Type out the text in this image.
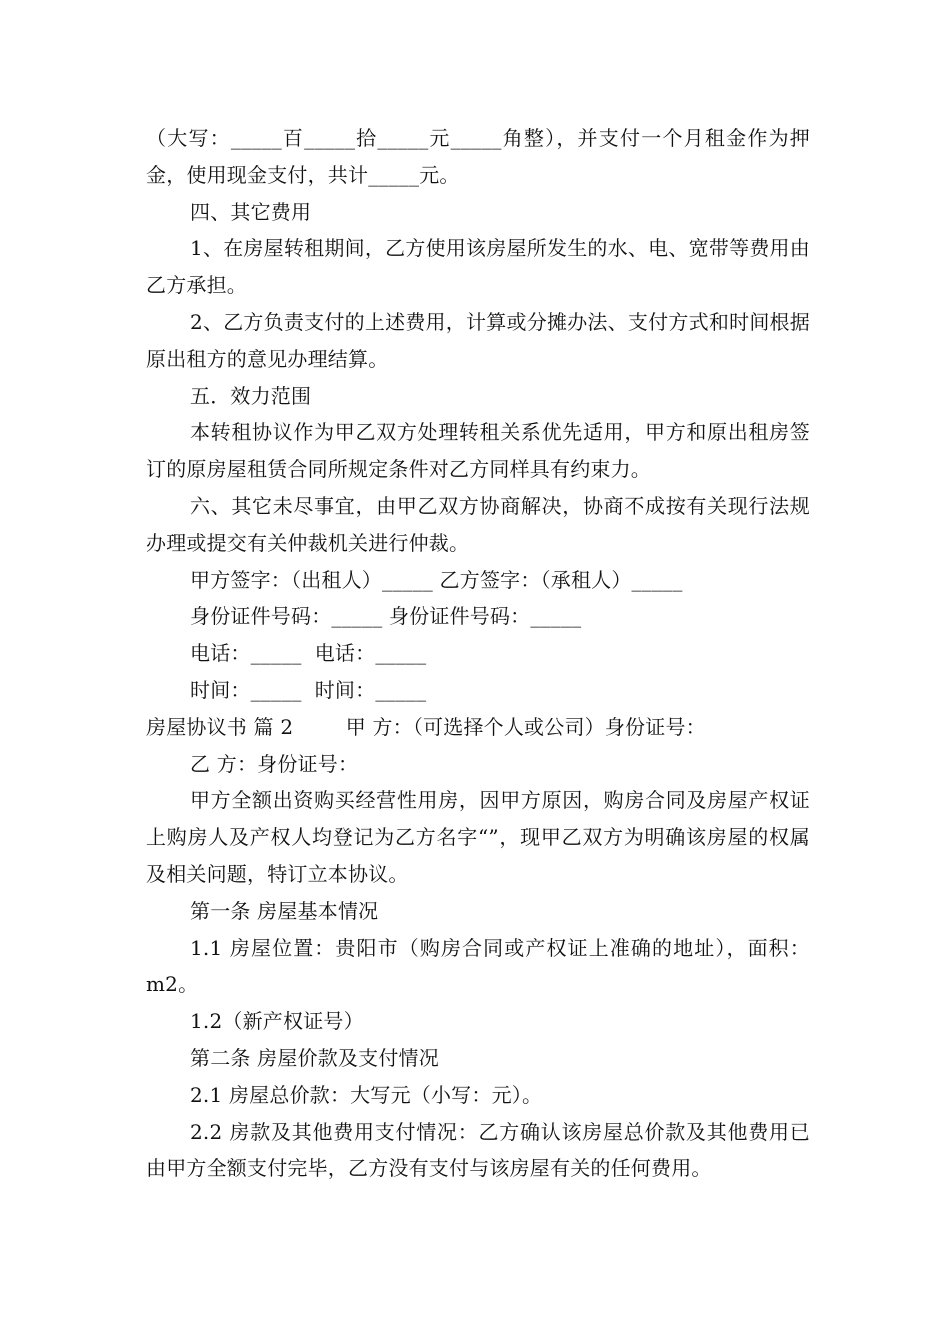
（大写：_____百_____拾_____元_____角整），并支付一个月租金作为押金，使用现金支付，共计_____元。

四、其它费用

1、在房屋转租期间，乙方使用该房屋所发生的水、电、宽带等费用由乙方承担。

2、乙方负责支付的上述费用，计算或分摊办法、支付方式和时间根据原出租方的意见办理结算。

五．效力范围

本转租协议作为甲乙双方处理转租关系优先适用，甲方和原出租房签订的原房屋租赁合同所规定条件对乙方同样具有约束力。

六、其它未尽事宜，由甲乙双方协商解决，协商不成按有关现行法规办理或提交有关仲裁机关进行仲裁。

甲方签字：（出租人）_____ 乙方签字：（承租人）_____

身份证件号码：_____ 身份证件号码：_____

电话：_____  电话：_____

时间：_____  时间：_____

房屋协议书 篇 2        甲 方：（可选择个人或公司）身份证号：

乙 方：身份证号：

甲方全额出资购买经营性用房，因甲方原因，购房合同及房屋产权证上购房人及产权人均登记为乙方名字“”，现甲乙双方为明确该房屋的权属及相关问题，特订立本协议。

第一条 房屋基本情况

1.1 房屋位置：贵阳市（购房合同或产权证上准确的地址），面积： m2。

1.2（新产权证号）

第二条 房屋价款及支付情况

2.1 房屋总价款：大写元（小写：元）。

2.2 房款及其他费用支付情况：乙方确认该房屋总价款及其他费用已由甲方全额支付完毕，乙方没有支付与该房屋有关的任何费用。
